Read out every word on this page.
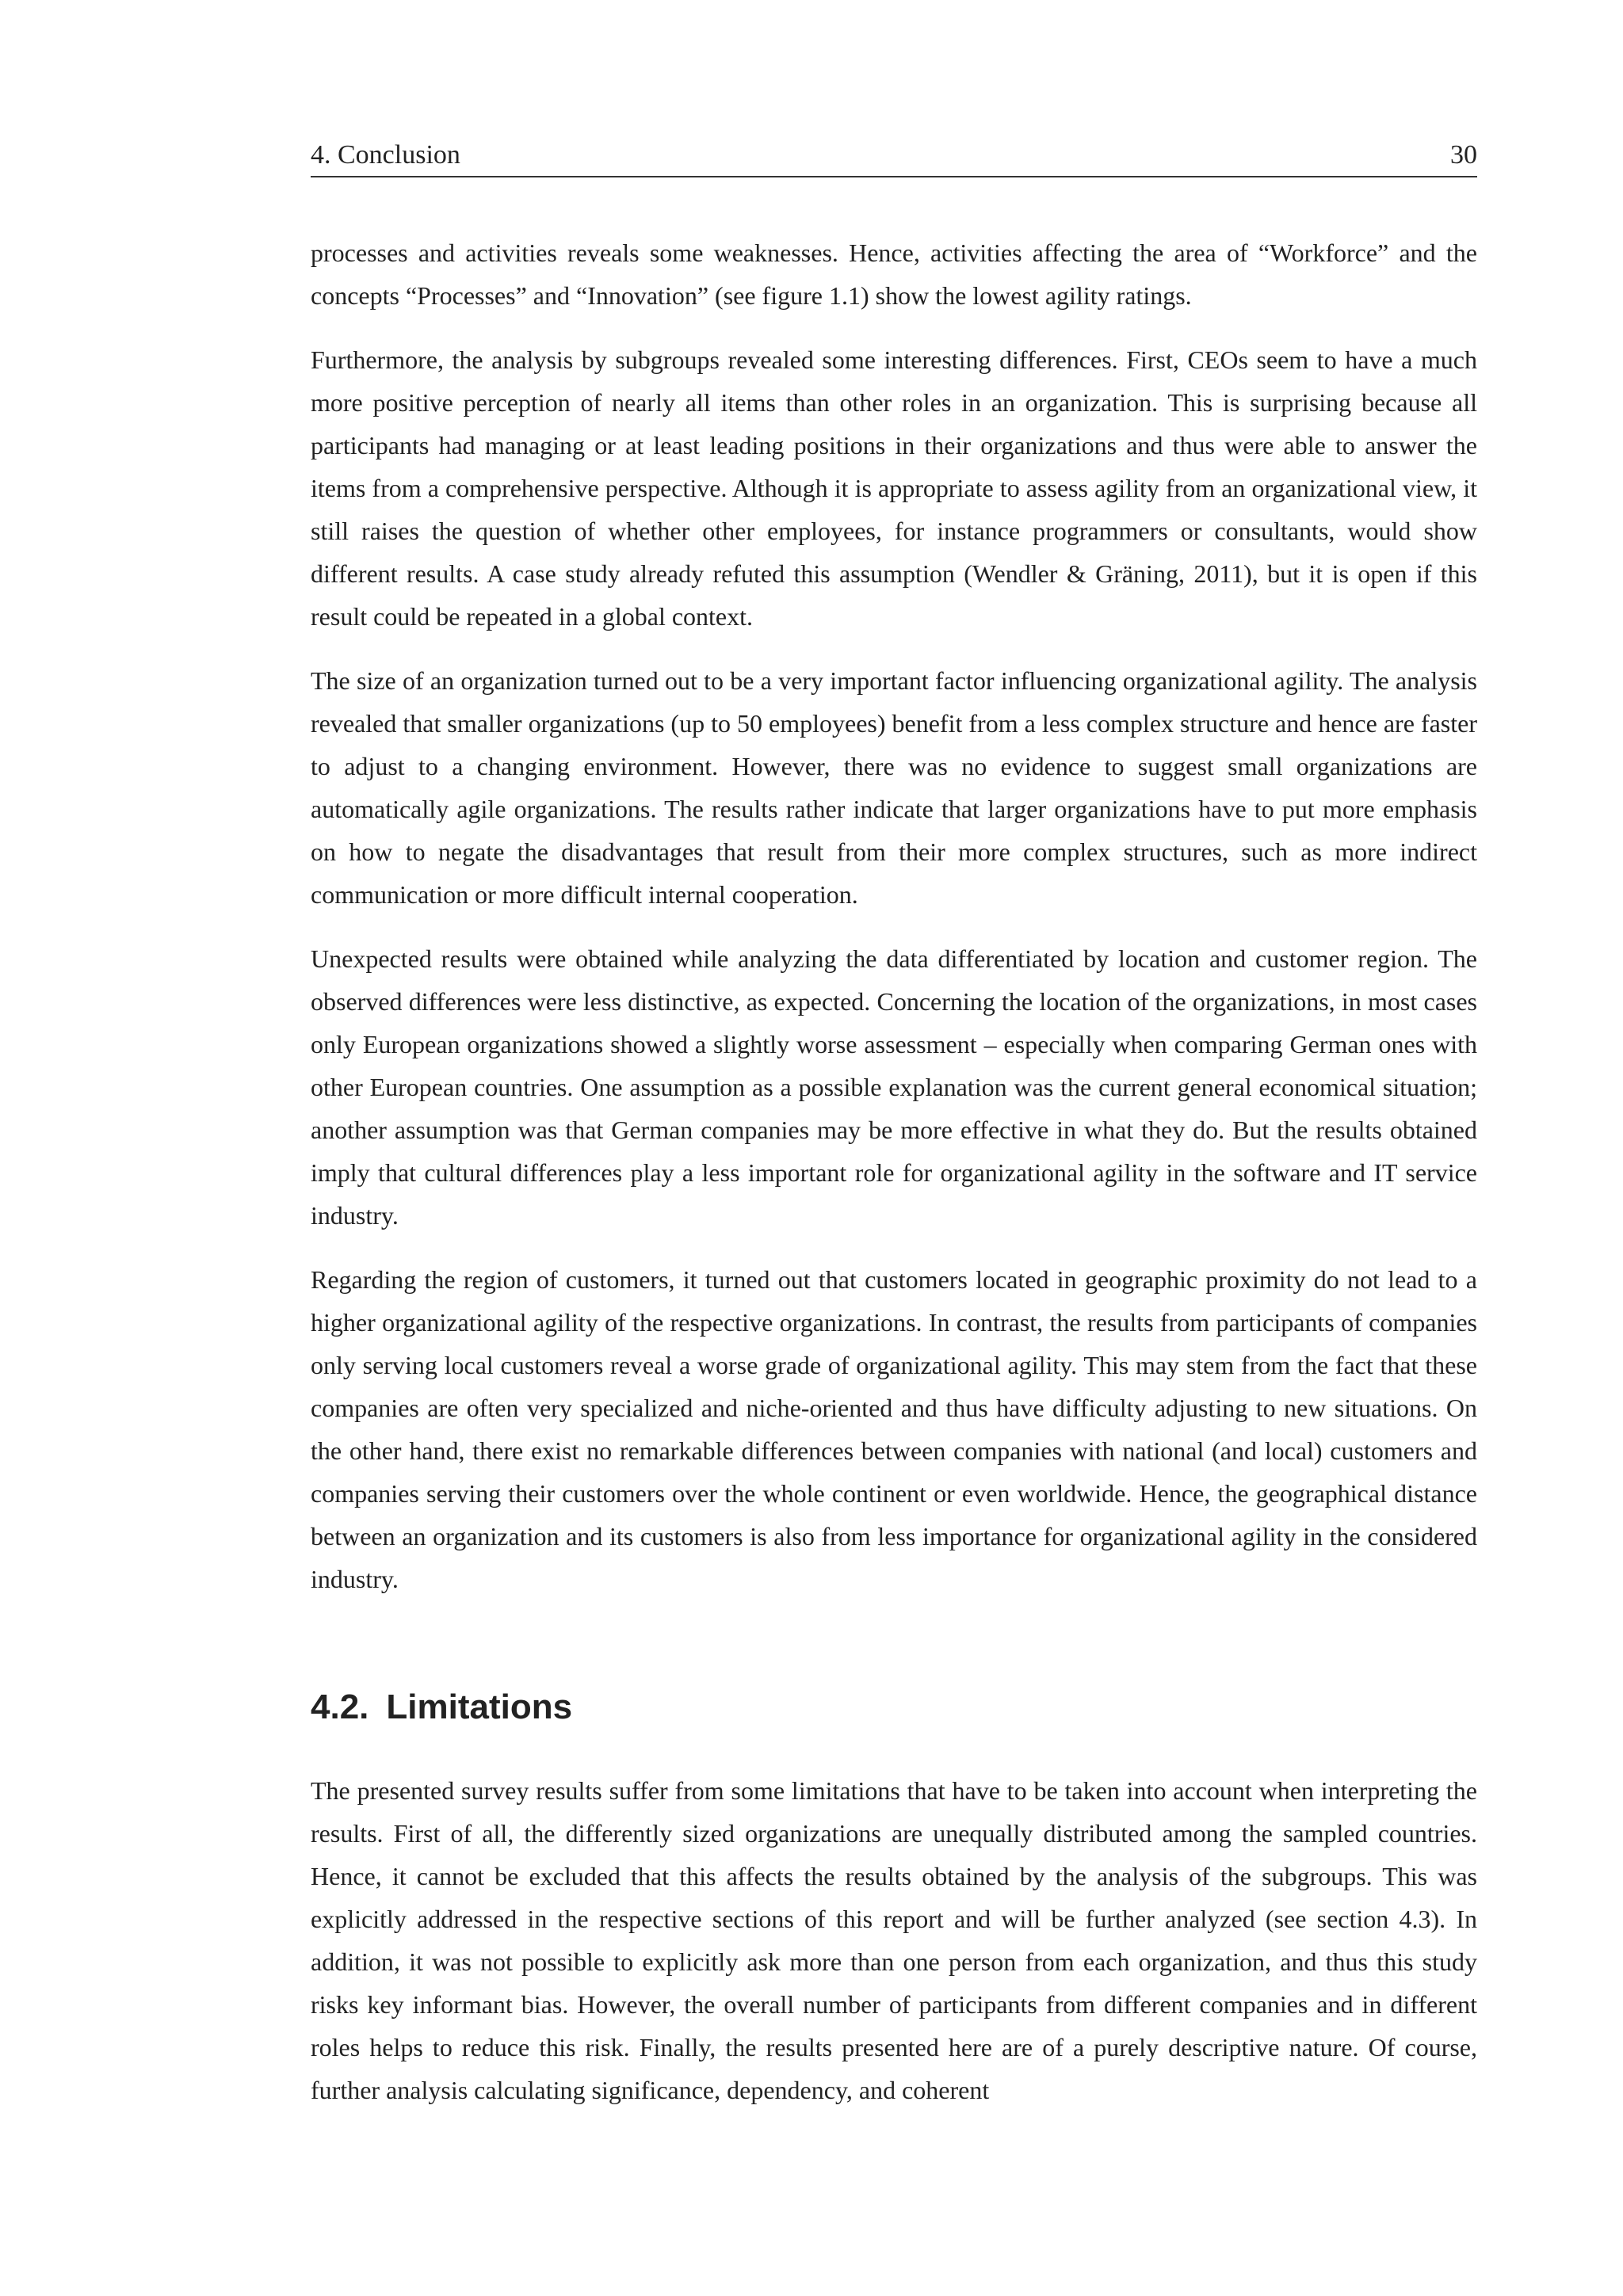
4. Conclusion	30

processes and activities reveals some weaknesses. Hence, activities affecting the area of “Workforce” and the concepts “Processes” and “Innovation” (see figure 1.1) show the lowest agility ratings.

Furthermore, the analysis by subgroups revealed some interesting differences. First, CEOs seem to have a much more positive perception of nearly all items than other roles in an organization. This is surprising because all participants had managing or at least leading positions in their organizations and thus were able to answer the items from a comprehensive perspective. Although it is appropriate to assess agility from an organizational view, it still raises the question of whether other employees, for instance programmers or consultants, would show different results. A case study already refuted this assumption (Wendler & Gräning, 2011), but it is open if this result could be repeated in a global context.

The size of an organization turned out to be a very important factor influencing organizational agility. The analysis revealed that smaller organizations (up to 50 employees) benefit from a less complex structure and hence are faster to adjust to a changing environment. However, there was no evidence to suggest small organizations are automatically agile organizations. The results rather indicate that larger organizations have to put more emphasis on how to negate the disadvantages that result from their more complex structures, such as more indirect communication or more difficult internal cooperation.

Unexpected results were obtained while analyzing the data differentiated by location and customer region. The observed differences were less distinctive, as expected. Concerning the location of the organizations, in most cases only European organizations showed a slightly worse assessment – especially when comparing German ones with other European countries. One assumption as a possible explanation was the current general economical situation; another assumption was that German companies may be more effective in what they do. But the results obtained imply that cultural differences play a less important role for organizational agility in the software and IT service industry.

Regarding the region of customers, it turned out that customers located in geographic proximity do not lead to a higher organizational agility of the respective organizations. In contrast, the results from participants of companies only serving local customers reveal a worse grade of organizational agility. This may stem from the fact that these companies are often very specialized and niche-oriented and thus have difficulty adjusting to new situations. On the other hand, there exist no remarkable differences between companies with national (and local) customers and companies serving their customers over the whole continent or even worldwide. Hence, the geographical distance between an organization and its customers is also from less importance for organizational agility in the considered industry.

4.2. Limitations

The presented survey results suffer from some limitations that have to be taken into account when interpreting the results. First of all, the differently sized organizations are unequally distributed among the sampled countries. Hence, it cannot be excluded that this affects the results obtained by the analysis of the subgroups. This was explicitly addressed in the respective sections of this report and will be further analyzed (see section 4.3). In addition, it was not possible to explicitly ask more than one person from each organization, and thus this study risks key informant bias. However, the overall number of participants from different companies and in different roles helps to reduce this risk. Finally, the results presented here are of a purely descriptive nature. Of course, further analysis calculating significance, dependency, and coherent
